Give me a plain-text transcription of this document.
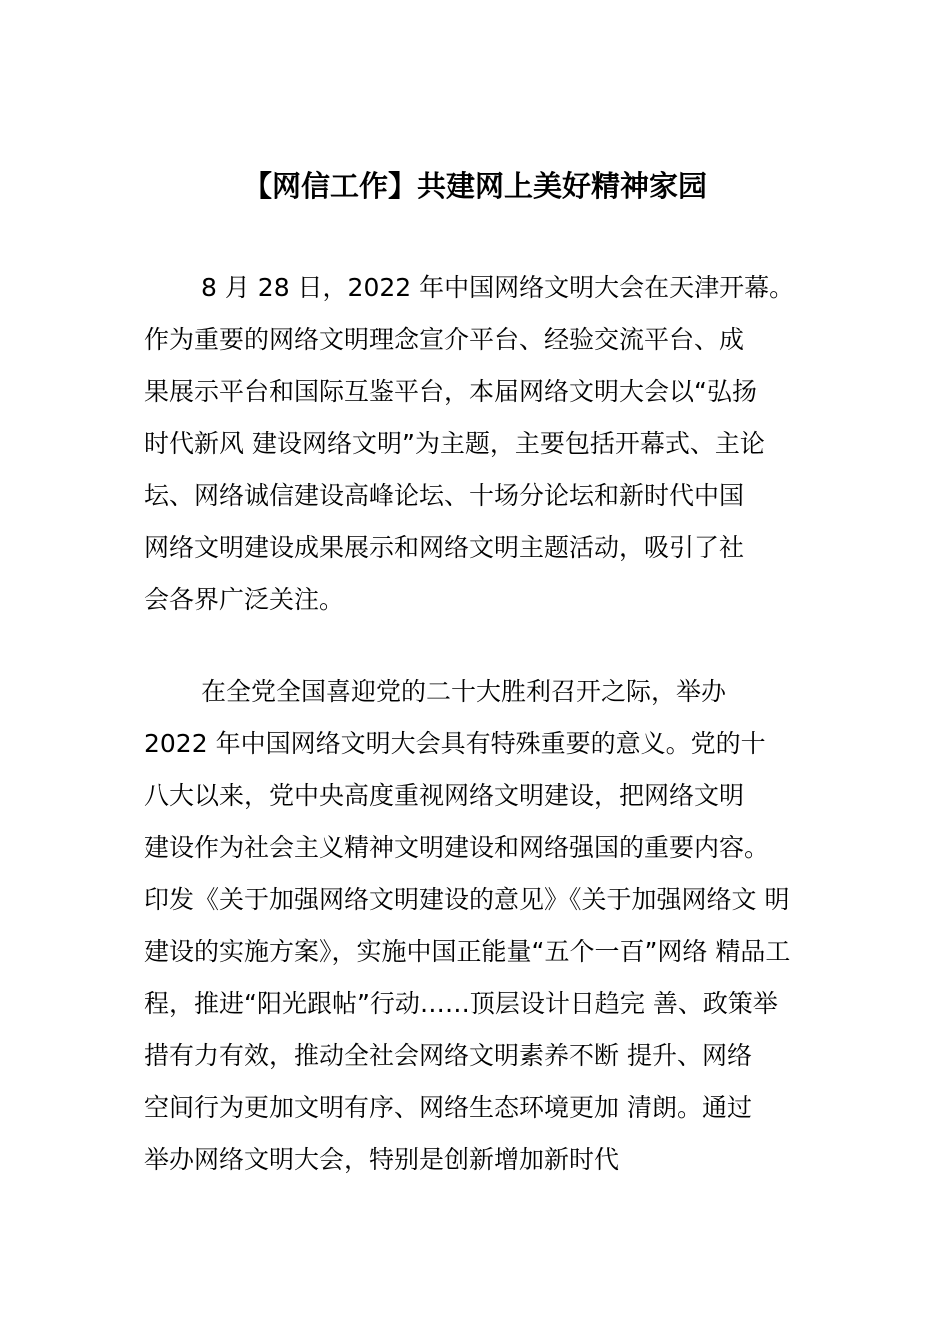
【网信工作】共建网上美好精神家园
8 月 28 日，2022 年中国网络文明大会在天津开幕。
作为重要的网络文明理念宣介平台、经验交流平台、成
果展示平台和国际互鉴平台，本届网络文明大会以“弘扬
时代新风 建设网络文明”为主题，主要包括开幕式、主论
坛、网络诚信建设高峰论坛、十场分论坛和新时代中国
网络文明建设成果展示和网络文明主题活动，吸引了社
会各界广泛关注。
在全党全国喜迎党的二十大胜利召开之际，举办
2022 年中国网络文明大会具有特殊重要的意义。党的十
八大以来，党中央高度重视网络文明建设，把网络文明
建设作为社会主义精神文明建设和网络强国的重要内容。
印发《关于加强网络文明建设的意见》《关于加强网络文 明
建设的实施方案》，实施中国正能量“五个一百”网络 精品工
程，推进“阳光跟帖”行动……顶层设计日趋完 善、政策举
措有力有效，推动全社会网络文明素养不断 提升、网络
空间行为更加文明有序、网络生态环境更加 清朗。通过
举办网络文明大会，特别是创新增加新时代
